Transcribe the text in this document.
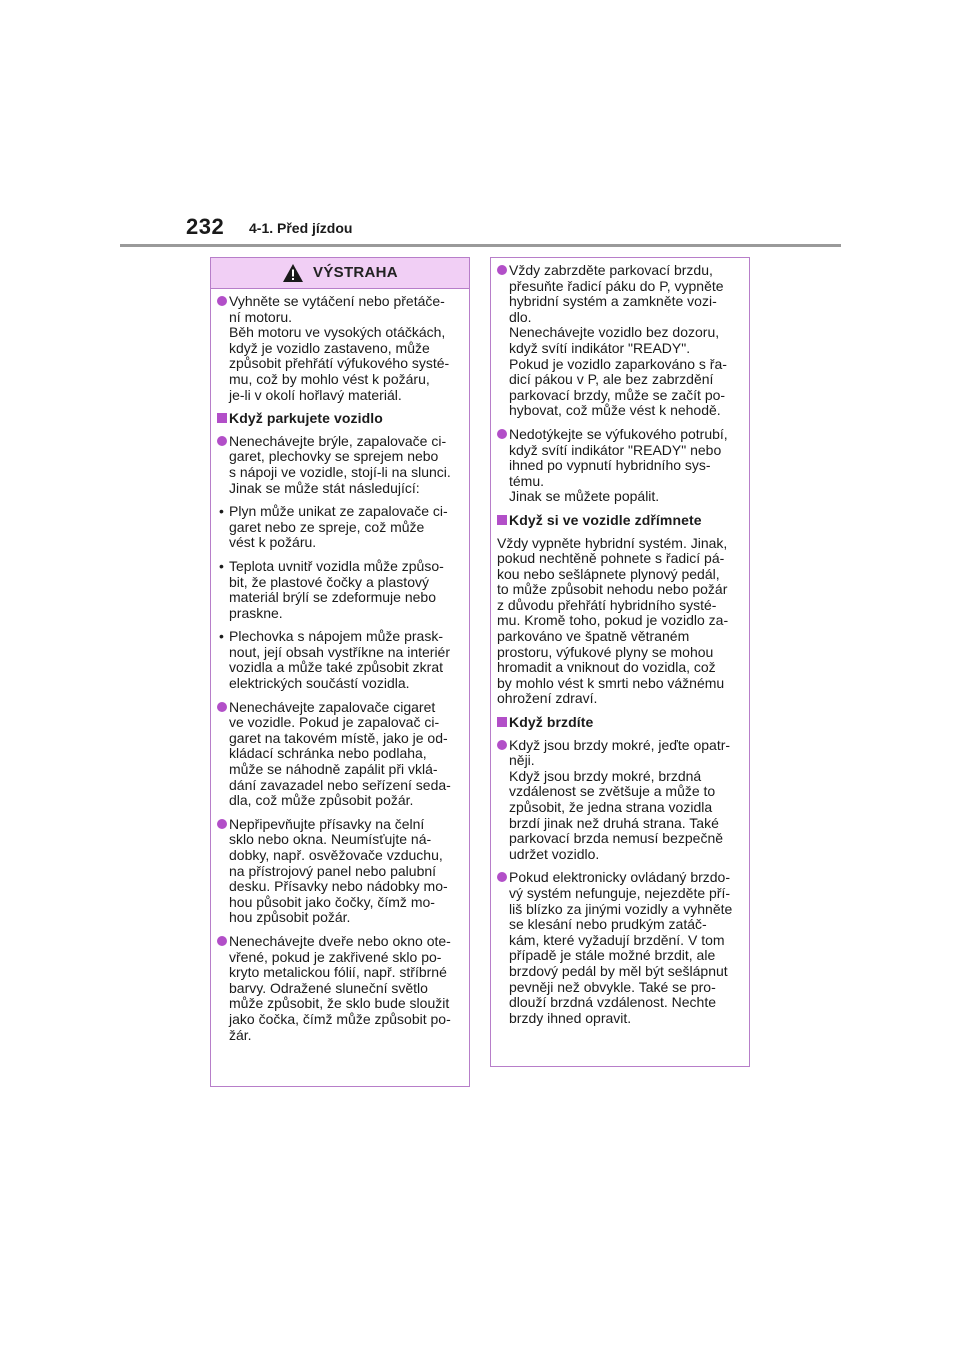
232 4-1. Před jízdou
VÝSTRAHA

Vyhněte se vytáčení nebo přetáče-
ní motoru.
Běh motoru ve vysokých otáčkách,
když je vozidlo zastaveno, může
způsobit přehřátí výfukového systé-
mu, což by mohlo vést k požáru,
je-li v okolí hořlavý materiál.

Když parkujete vozidlo

Nenechávejte brýle, zapalovače ci-
garet, plechovky se sprejem nebo
s nápoji ve vozidle, stojí-li na slunci.
Jinak se může stát následující:

• Plyn může unikat ze zapalovače ci-
garet nebo ze spreje, což může
vést k požáru.

• Teplota uvnitř vozidla může způso-
bit, že plastové čočky a plastový
materiál brýlí se zdeformuje nebo
praskne.

• Plechovka s nápojem může prask-
nout, její obsah vystříkne na interiér
vozidla a může také způsobit zkrat
elektrických součástí vozidla.

Nenechávejte zapalovače cigaret
ve vozidle. Pokud je zapalovač ci-
garet na takovém místě, jako je od-
kládací schránka nebo podlaha,
může se náhodně zapálit při vklá-
dání zavazadel nebo seřízení seda-
dla, což může způsobit požár.

Nepřipevňujte přísavky na čelní
sklo nebo okna. Neumísťujte ná-
dobky, např. osvěžovače vzduchu,
na přístrojový panel nebo palubní
desku. Přísavky nebo nádobky mo-
hou působit jako čočky, čímž mo-
hou způsobit požár.

Nenechávejte dveře nebo okno ote-
vřené, pokud je zakřivené sklo po-
kryto metalickou fólií, např. stříbrné
barvy. Odražené sluneční světlo
může způsobit, že sklo bude sloužit
jako čočka, čímž může způsobit po-
žár.

Vždy zabrzděte parkovací brzdu,
přesuňte řadicí páku do P, vypněte
hybridní systém a zamkněte vozi-
dlo.
Nenechávejte vozidlo bez dozoru,
když svítí indikátor "READY".
Pokud je vozidlo zaparkováno s řa-
dicí pákou v P, ale bez zabrzdění
parkovací brzdy, může se začít po-
hybovat, což může vést k nehodě.

Nedotýkejte se výfukového potrubí,
když svítí indikátor "READY" nebo
ihned po vypnutí hybridního sys-
tému.
Jinak se můžete popálit.

Když si ve vozidle zdřímnete

Vždy vypněte hybridní systém. Jinak,
pokud nechtěně pohnete s řadicí pá-
kou nebo sešlápnete plynový pedál,
to může způsobit nehodu nebo požár
z důvodu přehřátí hybridního systé-
mu. Kromě toho, pokud je vozidlo za-
parkováno ve špatně větraném
prostoru, výfukové plyny se mohou
hromadit a vniknout do vozidla, což
by mohlo vést k smrti nebo vážnému
ohrožení zdraví.

Když brzdíte

Když jsou brzdy mokré, jeďte opatr-
něji.
Když jsou brzdy mokré, brzdná
vzdálenost se zvětšuje a může to
způsobit, že jedna strana vozidla
brzdí jinak než druhá strana. Také
parkovací brzda nemusí bezpečně
udržet vozidlo.

Pokud elektronicky ovládaný brzdo-
vý systém nefunguje, nejezděte pří-
liš blízko za jinými vozidly a vyhněte
se klesání nebo prudkým zatáč-
kám, které vyžadují brzdění. V tom
případě je stále možné brzdit, ale
brzdový pedál by měl být sešlápnut
pevněji než obvykle. Také se pro-
dlouží brzdná vzdálenost. Nechte
brzdy ihned opravit.
